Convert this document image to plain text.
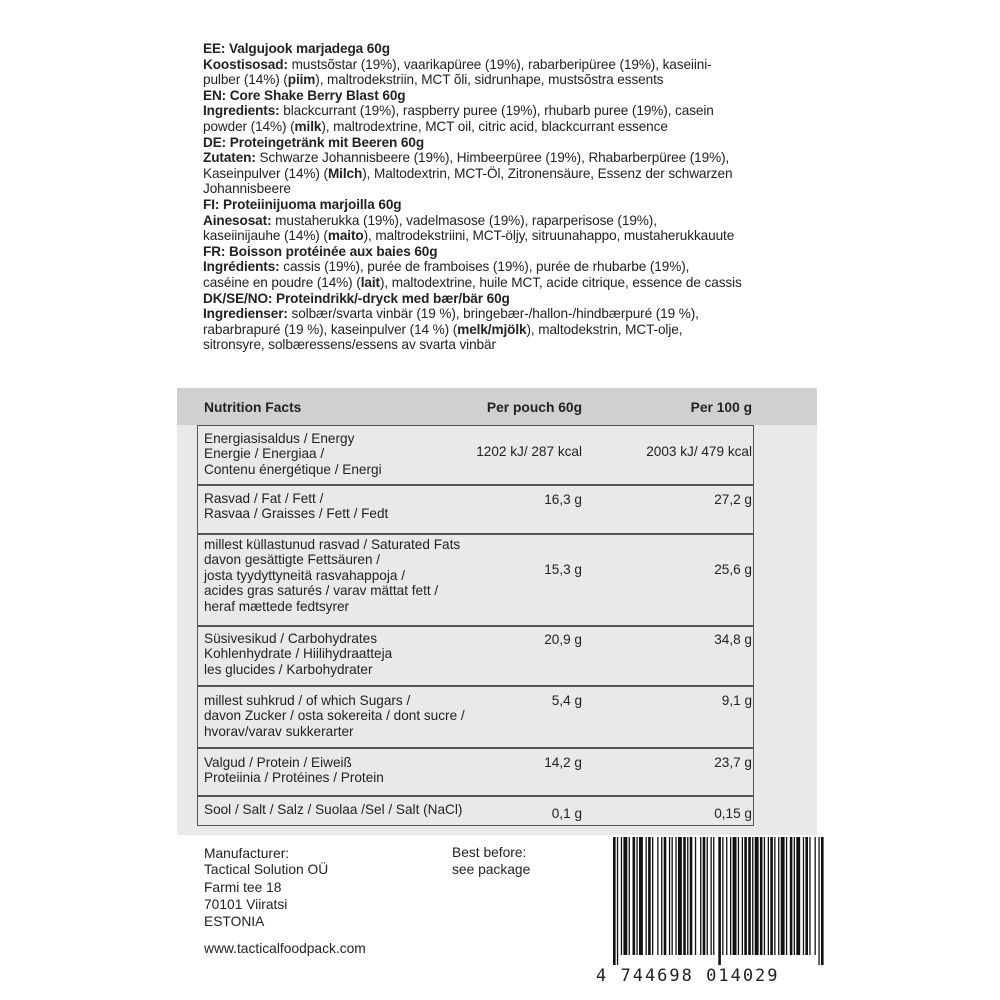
EE: Valgujook marjadega 60g

Koostisosad: mustsõstar (19%), vaarikapüree (19%), rabarberipüree (19%), kaseiini-

pulber (14%) (piim), maltrodekstriin, MCT õli, sidrunhape, mustsõstra essents

EN: Core Shake Berry Blast 60g

Ingredients: blackcurrant (19%), raspberry puree (19%), rhubarb puree (19%), casein

powder (14%) (milk), maltrodextrine, MCT oil, citric acid, blackcurrant essence

DE: Proteingetränk mit Beeren 60g

Zutaten: Schwarze Johannisbeere (19%), Himbeerpüree (19%), Rhabarberpüree (19%),

Kaseinpulver (14%) (Milch), Maltodextrin, MCT-Öl, Zitronensäure, Essenz der schwarzen

Johannisbeere

FI: Proteiinijuoma marjoilla 60g

Ainesosat: mustaherukka (19%), vadelmasose (19%), raparperisose (19%),

kaseiinijauhe (14%) (maito), maltrodekstriini, MCT-öljy, sitruunahappo, mustaherukkauute

FR: Boisson protéinée aux baies 60g

Ingrédients: cassis (19%), purée de framboises (19%), purée de rhubarbe (19%),

caséine en poudre (14%) (lait), maltodextrine, huile MCT, acide citrique, essence de cassis

DK/SE/NO: Proteindrikk/-dryck med bær/bär 60g

Ingredienser: solbær/svarta vinbär (19 %), bringebær-/hallon-/hindbærpuré (19 %),

rabarbrapuré (19 %), kaseinpulver (14 %) (melk/mjölk), maltodekstrin, MCT-olje,

sitronsyre, solbæressens/essens av svarta vinbär

Nutrition Facts	Per pouch 60g	Per 100 g
Energiasisaldus / Energy
Energie / Energiaa /
Contenu énergétique / Energi
1202 kJ/ 287 kcal	2003 kJ/ 479 kcal
Rasvad / Fat / Fett /
Rasvaa / Graisses / Fett / Fedt
16,3 g	27,2 g
millest küllastunud rasvad / Saturated Fats
davon gesättigte Fettsäuren /
josta tyydyttyneitä rasvahappoja /
acides gras saturés / varav mättat fett /
heraf mættede fedtsyrer
15,3 g	25,6 g
Süsivesikud / Carbohydrates
Kohlenhydrate / Hiilihydraatteja
les glucides / Karbohydrater
20,9 g	34,8 g
millest suhkrud / of which Sugars /
davon Zucker / osta sokereita / dont sucre /
hvorav/varav sukkerarter
5,4 g	9,1 g
Valgud / Protein / Eiweiß
Proteiinia / Protéines / Protein
14,2 g	23,7 g
Sool / Salt / Salz / Suolaa /Sel / Salt (NaCl)	0,1 g	0,15 g
Manufacturer:
Tactical Solution OÜ
Farmi tee 18
70101 Viiratsi
ESTONIA
www.tacticalfoodpack.com
Best before:
see package
4 744698 014029
